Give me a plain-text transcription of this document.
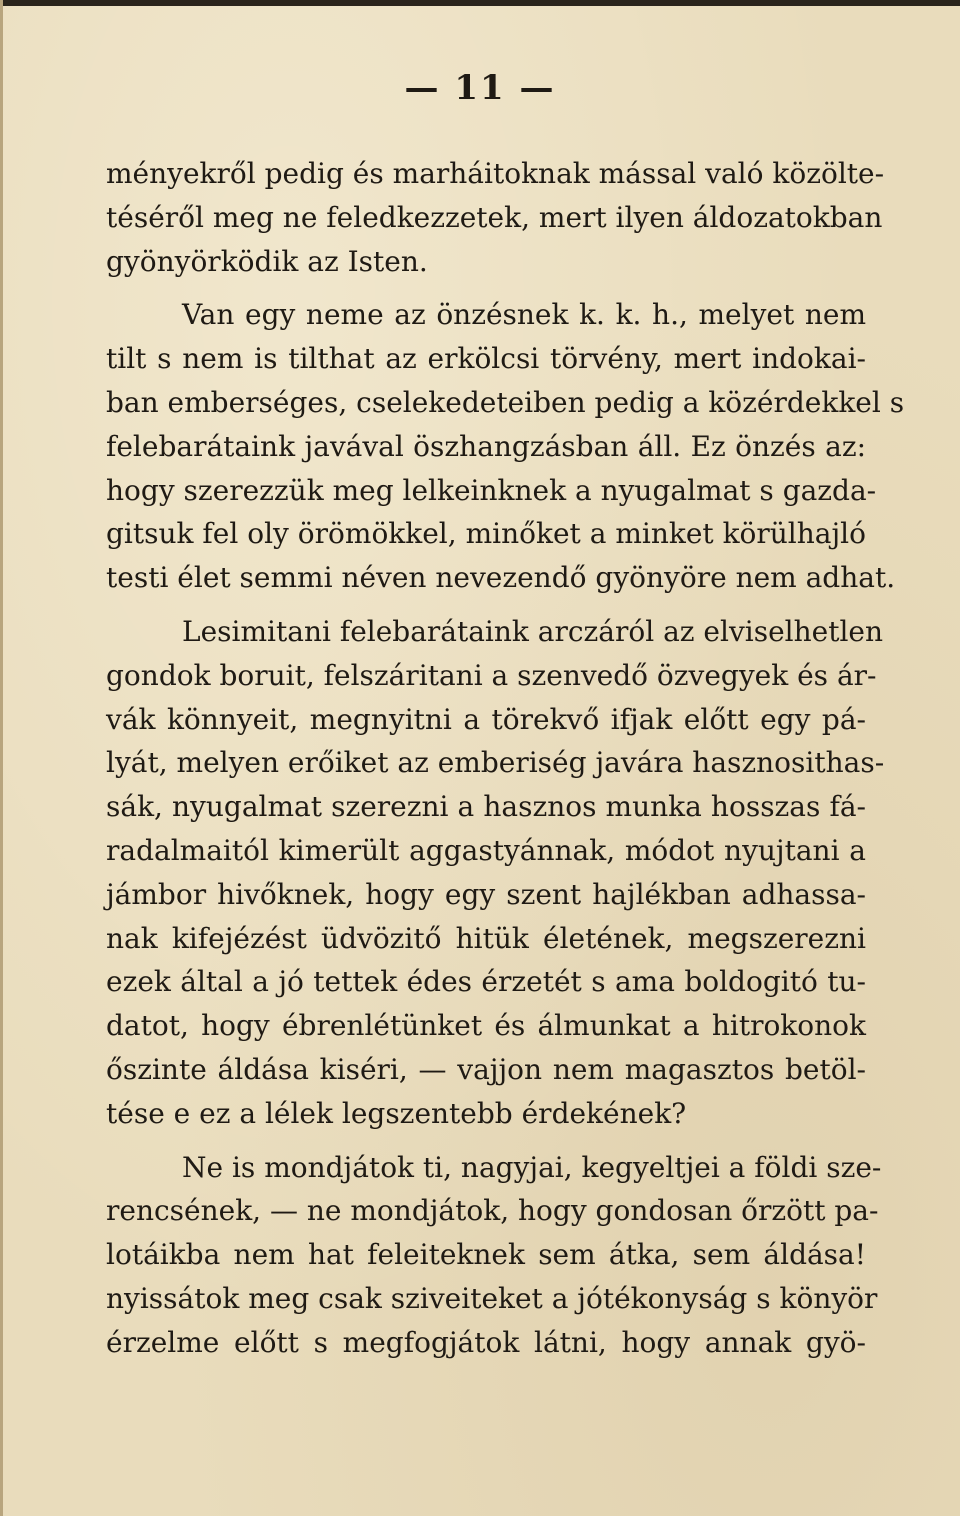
— 11 —
ményekről pedig és marháitoknak mással való közölte-
téséről meg ne feledkezzetek, mert ilyen áldozatokban
gyönyörködik az Isten.
Van egy neme az önzésnek k. k. h., melyet nem
tilt s nem is tilthat az erkölcsi törvény, mert indokai-
ban emberséges, cselekedeteiben pedig a közérdekkel s
felebarátaink javával öszhangzásban áll. Ez önzés az:
hogy szerezzük meg lelkeinknek a nyugalmat s gazda-
gitsuk fel oly örömökkel, minőket a minket körülhajló
testi élet semmi néven nevezendő gyönyöre nem adhat.
Lesimitani felebarátaink arczáról az elviselhetlen
gondok boruit, felszáritani a szenvedő özvegyek és ár-
vák könnyeit, megnyitni a törekvő ifjak előtt egy pá-
lyát, melyen erőiket az emberiség javára hasznosithas-
sák, nyugalmat szerezni a hasznos munka hosszas fá-
radalmaitól kimerült aggastyánnak, módot nyujtani a
jámbor hivőknek, hogy egy szent hajlékban adhassa-
nak kifejézést üdvözitő hitük életének, megszerezni
ezek által a jó tettek édes érzetét s ama boldogitó tu-
datot, hogy ébrenlétünket és álmunkat a hitrokonok
őszinte áldása kiséri, — vajjon nem magasztos betöl-
tése e ez a lélek legszentebb érdekének?
Ne is mondjátok ti, nagyjai, kegyeltjei a földi sze-
rencsének, — ne mondjátok, hogy gondosan őrzött pa-
lotáikba nem hat feleiteknek sem átka, sem áldása!
nyissátok meg csak sziveiteket a jótékonyság s könyör
érzelme előtt s megfogjátok látni, hogy annak gyö-
